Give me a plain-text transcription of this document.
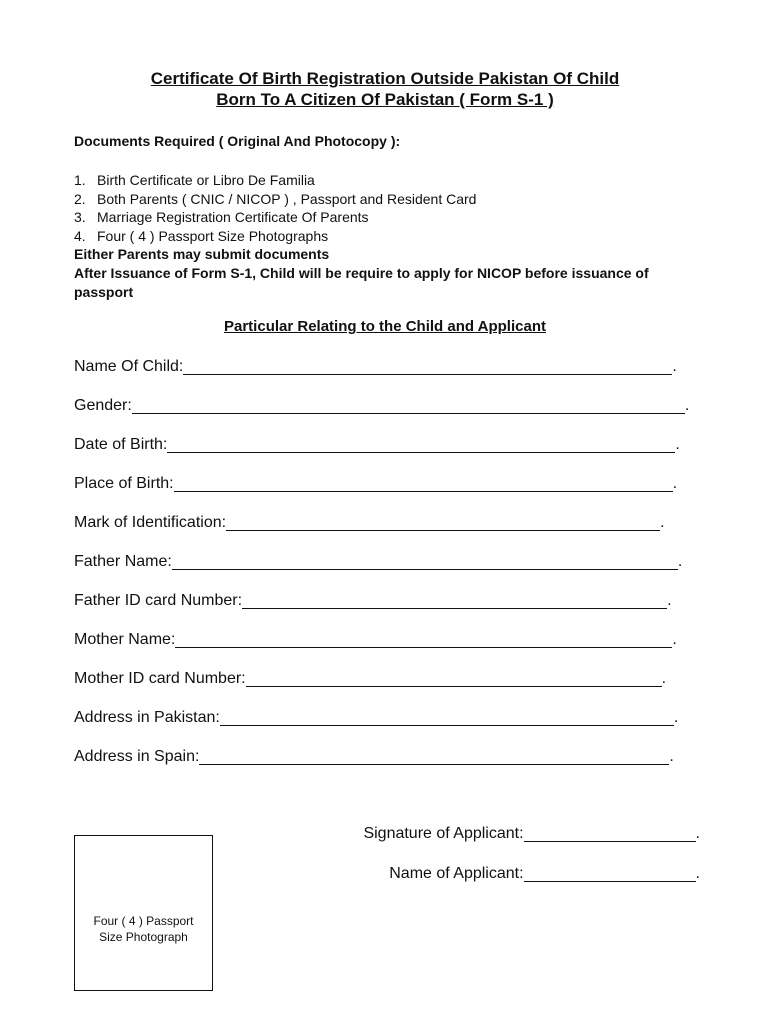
Certificate Of Birth Registration Outside Pakistan Of Child
Born To A Citizen Of Pakistan ( Form S-1 )
Documents Required ( Original And Photocopy ):
1. Birth Certificate or Libro De Familia
2. Both Parents ( CNIC / NICOP ) , Passport and Resident Card
3. Marriage Registration Certificate Of Parents
4. Four ( 4 ) Passport Size Photographs
Either Parents may submit documents
After Issuance of Form S-1, Child will be require to apply for NICOP before issuance of passport
Particular Relating to the Child and Applicant
Name Of Child:	.
Gender:	.
Date of Birth:	.
Place of Birth:	.
Mark of Identification:	.
Father Name:	.
Father ID card Number:	.
Mother Name:	.
Mother ID card Number:	.
Address in Pakistan:	.
Address in Spain:	.
Signature of Applicant:	.
Name of Applicant:	.
Four ( 4 ) Passport
Size Photograph
